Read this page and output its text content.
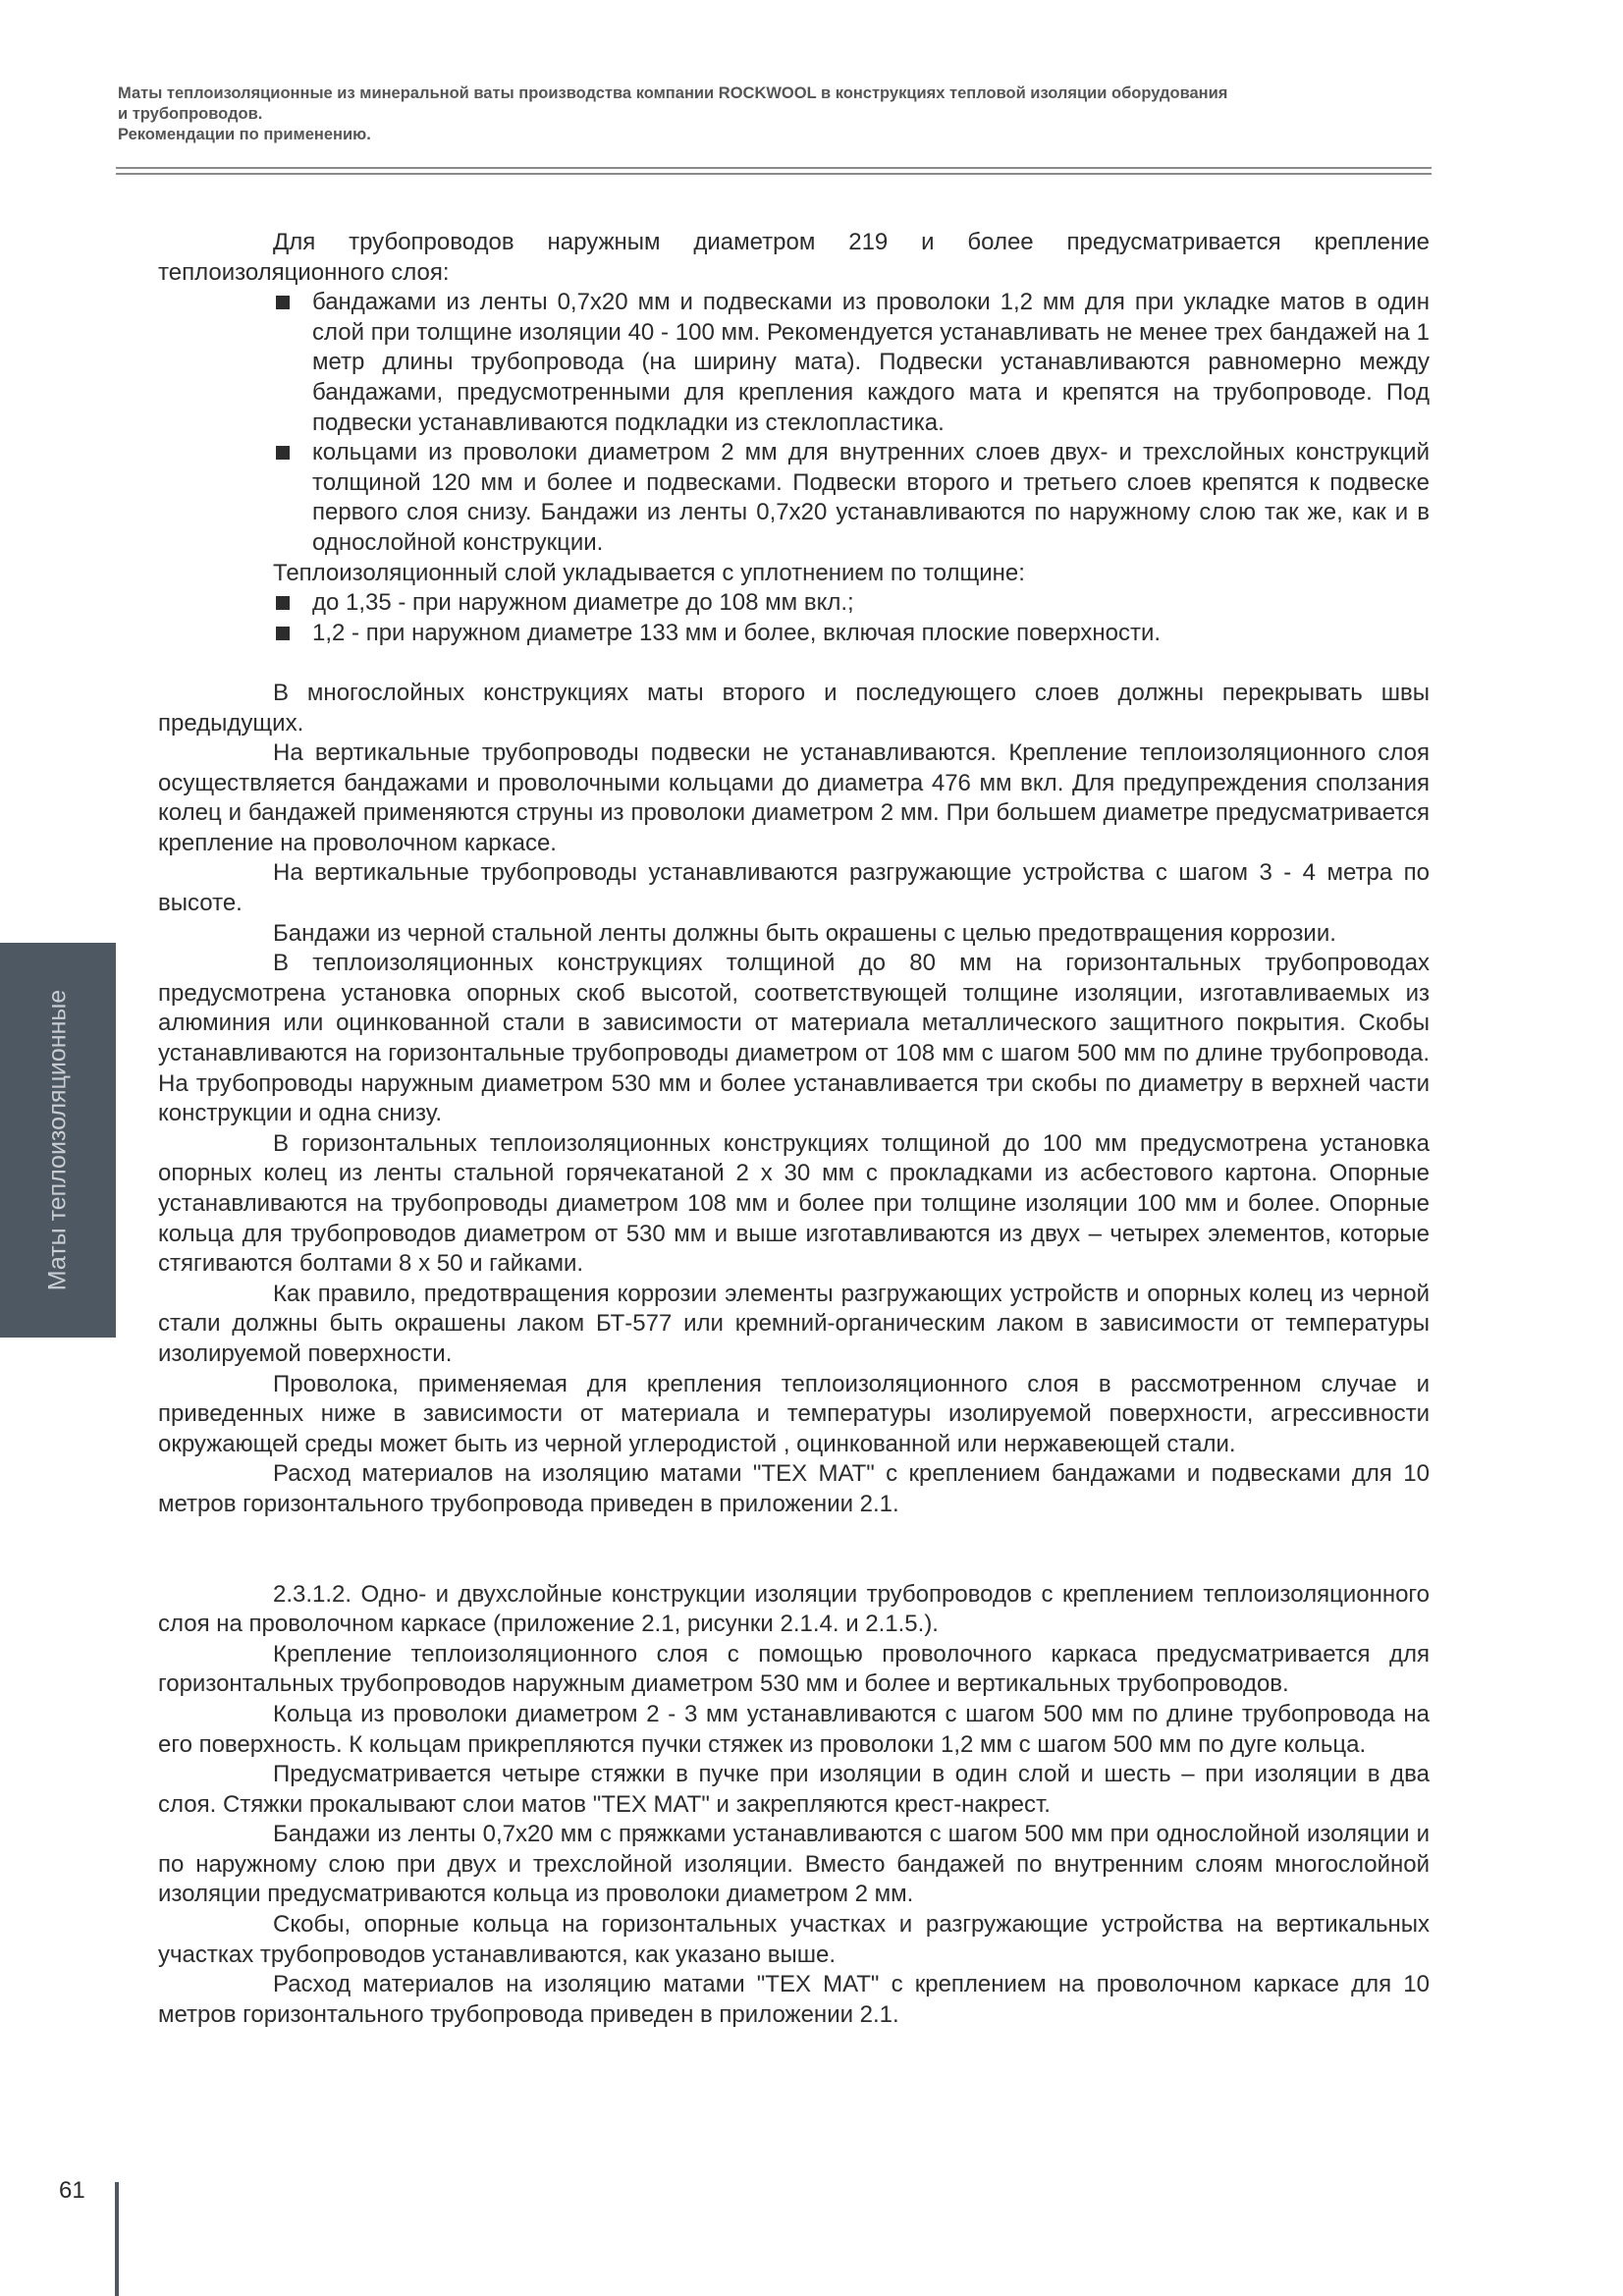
Маты теплоизоляционные из минеральной ваты производства компании ROCKWOOL в конструкциях тепловой изоляции оборудования
и трубопроводов.
Рекомендации по применению.
Маты теплоизоляционные

Для трубопроводов наружным диаметром 219 и более предусматривается крепление теплоизоляционного слоя:

бандажами из ленты 0,7х20 мм и подвесками из проволоки 1,2 мм для при укладке матов в один слой при толщине изоляции 40 - 100 мм. Рекомендуется устанавливать не менее трех бандажей на 1 метр длины трубопровода (на ширину мата). Подвески устанавливаются равномерно между бандажами, предусмотренными для крепления каждого мата и крепятся на трубопроводе. Под подвески устанавливаются подкладки из стеклопластика.
кольцами из проволоки диаметром 2 мм для внутренних слоев двух- и трехслойных конструкций толщиной 120 мм и более и подвесками. Подвески второго и третьего слоев крепятся к подвеске первого слоя снизу. Бандажи из ленты 0,7х20 устанавливаются по наружному слою так же, как и в однослойной конструкции.

Теплоизоляционный слой укладывается с уплотнением по толщине:

до 1,35 - при наружном диаметре до 108 мм вкл.;
1,2 - при наружном диаметре 133 мм и более, включая плоские поверхности.

В многослойных конструкциях маты второго и последующего слоев должны перекрывать швы предыдущих.

На вертикальные трубопроводы подвески не устанавливаются. Крепление теплоизоляционного слоя осуществляется бандажами и проволочными кольцами до диаметра 476 мм вкл. Для предупреждения сползания колец и бандажей применяются струны из проволоки диаметром 2 мм. При большем диаметре предусматривается крепление на проволочном каркасе.

На вертикальные трубопроводы устанавливаются разгружающие устройства с шагом 3 - 4 метра по высоте.

Бандажи из черной стальной ленты должны быть окрашены с целью предотвращения коррозии.

В теплоизоляционных конструкциях толщиной до 80 мм на горизонтальных трубопроводах предусмотрена установка опорных скоб высотой, соответствующей толщине изоляции, изготавливаемых из алюминия или оцинкованной стали в зависимости от материала металлического защитного покрытия. Скобы устанавливаются на горизонтальные трубопроводы диаметром от 108 мм с шагом 500 мм по длине трубопровода. На трубопроводы наружным диаметром 530 мм и более устанавливается три скобы по диаметру в верхней части конструкции и одна снизу.

В горизонтальных теплоизоляционных конструкциях толщиной до 100 мм предусмотрена установка опорных колец из ленты стальной горячекатаной 2 х 30 мм с прокладками из асбестового картона. Опорные устанавливаются на трубопроводы диаметром 108 мм и более при толщине изоляции 100 мм и более. Опорные кольца для трубопроводов диаметром от 530 мм и выше изготавливаются из двух – четырех элементов, которые стягиваются болтами 8 х 50 и гайками.

Как правило, предотвращения коррозии элементы разгружающих устройств и опорных колец из черной стали должны быть окрашены лаком БТ-577 или кремний-органическим лаком в зависимости от температуры изолируемой поверхности.

Проволока, применяемая для крепления теплоизоляционного слоя в рассмотренном случае и приведенных ниже в зависимости от материала и температуры изолируемой поверхности, агрессивности окружающей среды может быть из черной углеродистой , оцинкованной или нержавеющей стали.

Расход материалов на изоляцию матами "ТЕХ МАТ" с креплением бандажами и подвесками для 10 метров горизонтального трубопровода приведен в приложении 2.1.

2.3.1.2. Одно- и двухслойные конструкции изоляции трубопроводов с креплением теплоизоляционного слоя на проволочном каркасе (приложение 2.1, рисунки 2.1.4. и 2.1.5.).

Крепление теплоизоляционного слоя с помощью проволочного каркаса предусматривается для горизонтальных трубопроводов наружным диаметром 530 мм и более и вертикальных трубопроводов.

Кольца из проволоки диаметром 2 - 3 мм устанавливаются с шагом 500 мм по длине трубопровода на его поверхность. К кольцам прикрепляются пучки стяжек из проволоки 1,2 мм с шагом 500 мм по дуге кольца.

Предусматривается четыре стяжки в пучке при изоляции в один слой и шесть – при изоляции в два слоя. Стяжки прокалывают слои матов "ТЕХ МАТ" и закрепляются крест-накрест.

Бандажи из ленты 0,7х20 мм с пряжками устанавливаются с шагом 500 мм при однослойной изоляции и по наружному слою при двух и трехслойной изоляции. Вместо бандажей по внутренним слоям многослойной изоляции предусматриваются кольца из проволоки диаметром 2 мм.

Скобы, опорные кольца на горизонтальных участках и разгружающие устройства на вертикальных участках трубопроводов устанавливаются, как указано выше.

Расход материалов на изоляцию матами "ТЕХ МАТ" с креплением на проволочном каркасе для 10 метров горизонтального трубопровода приведен в приложении 2.1.

61
